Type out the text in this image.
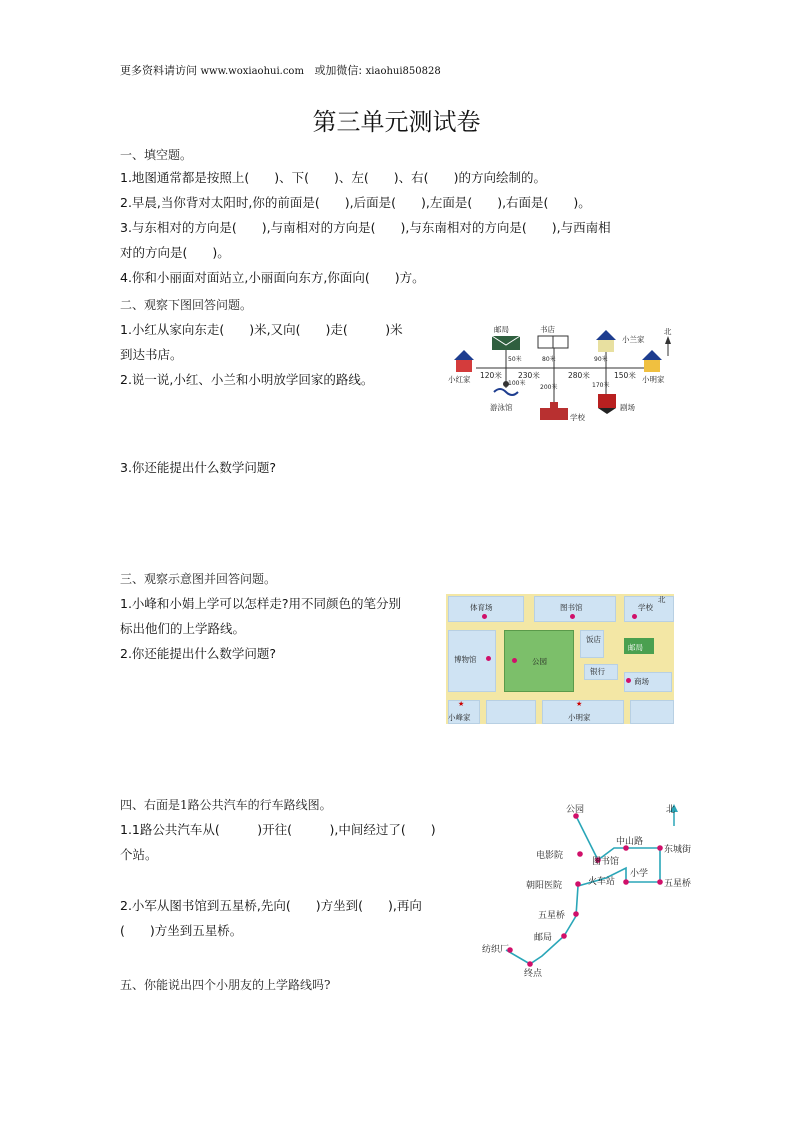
更多资料请访问 www.woxiaohui.com 或加微信: xiaohui850828
第三单元测试卷
一、填空题。
1.地图通常都是按照上(　　)、下(　　)、左(　　)、右(　　)的方向绘制的。
2.早晨,当你背对太阳时,你的前面是(　　),后面是(　　),左面是(　　),右面是(　　)。
3.与东相对的方向是(　　),与南相对的方向是(　　),与东南相对的方向是(　　),与西南相
对的方向是(　　)。
4.你和小丽面对面站立,小丽面向东方,你面向(　　)方。
二、观察下图回答问题。
1.小红从家向东走(　　)米,又向(　　)走(　　　)米
到达书店。
2.说一说,小红、小兰和小明放学回家的路线。
3.你还能提出什么数学问题?
邮局	书店
小兰家
北
小红家	小明家
游泳馆
学校
剧场
120米 230米	280米	150米
50米
100米
80米
200米
90米
170米
三、观察示意图并回答问题。
1.小峰和小娟上学可以怎样走?用不同颜色的笔分别
标出他们的上学路线。
2.你还能提出什么数学问题?
体育场	图书馆	学校
北
博物馆	公园
饭店
邮局
银行
商场
小峰家
★
小明家
★
四、右面是1路公共汽车的行车路线图。
1.1路公共汽车从(　　　)开往(　　　),中间经过了(　　)
个站。
2.小军从图书馆到五星桥,先向(　　)方坐到(　　),再向
(　　)方坐到五星桥。
公园	北
中山路
东城街
电影院
图书馆
朝阳医院	火车站
小学
五星桥
五星桥
邮局
纺织厂
终点
五、你能说出四个小朋友的上学路线吗?
